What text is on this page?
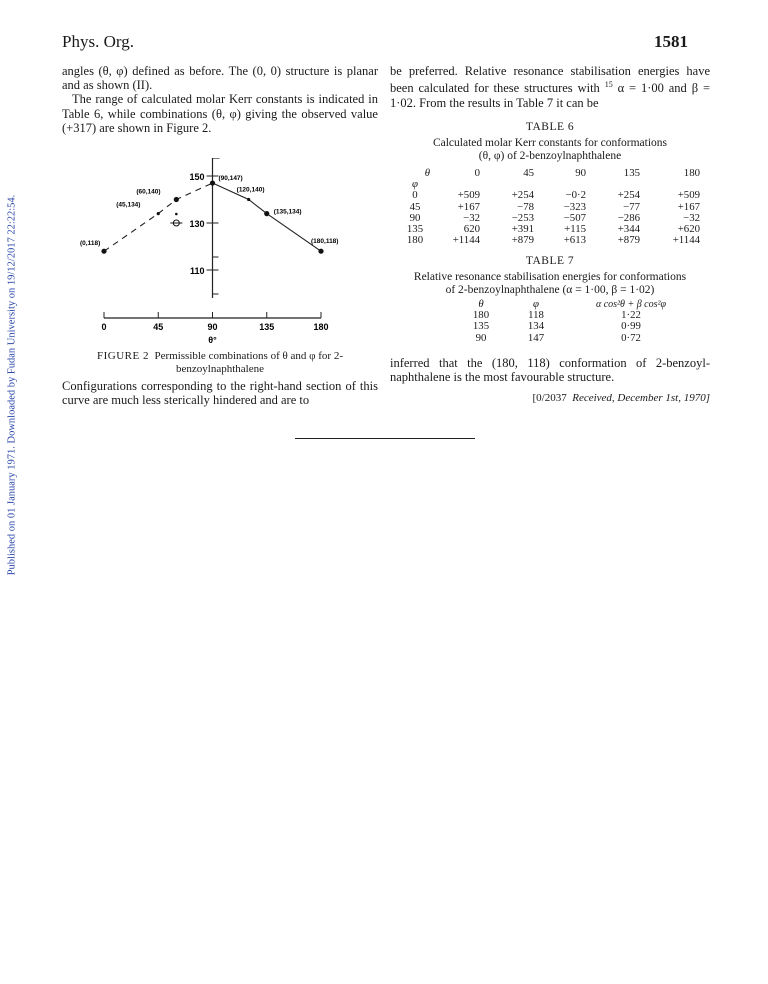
Published on 01 January 1971. Downloaded by Fudan University on 19/12/2017 22:22:54.
Phys. Org.	1581

angles (θ, φ) defined as before. The (0, 0) structure is planar and as shown (II).

The range of calculated molar Kerr constants is indicated in Table 6, while combinations (θ, φ) giving the observed value (+317) are shown in Figure 2.

110
130
150
0	45	90	135	180
θ°
(0,118)
(45,134)
(60,140)
(90,147)
(120,140)
(135,134)
(180,118)
FIGURE 2 Permissible combinations of θ and φ for 2-benzoylnaphthalene
Configurations corresponding to the right-hand section of this curve are much less sterically hindered and are to

be preferred. Relative resonance stabilisation energies have been calculated for these structures with $^{15}$ α = 1·00 and β = 1·02. From the results in Table 7 it can be

TABLE 6
Calculated molar Kerr constants for conformations
(θ, φ) of 2-benzoylnaphthalene
θ	0	45	90	135	180
φ					
0	+509	+254	−0·2	+254	+509
45	+167	−78	−323	−77	+167
90	−32	−253	−507	−286	−32
135	620	+391	+115	+344	+620
180	+1144	+879	+613	+879	+1144
TABLE 7
Relative resonance stabilisation energies for conformations
of 2-benzoylnaphthalene (α = 1·00, β = 1·02)
θ	φ	α cos²θ + β cos²φ
180	118	1·22
135	134	0·99
90	147	0·72
inferred that the (180, 118) conformation of 2-benzoyl-naphthalene is the most favourable structure.
[0/2037 Received, December 1st, 1970]
